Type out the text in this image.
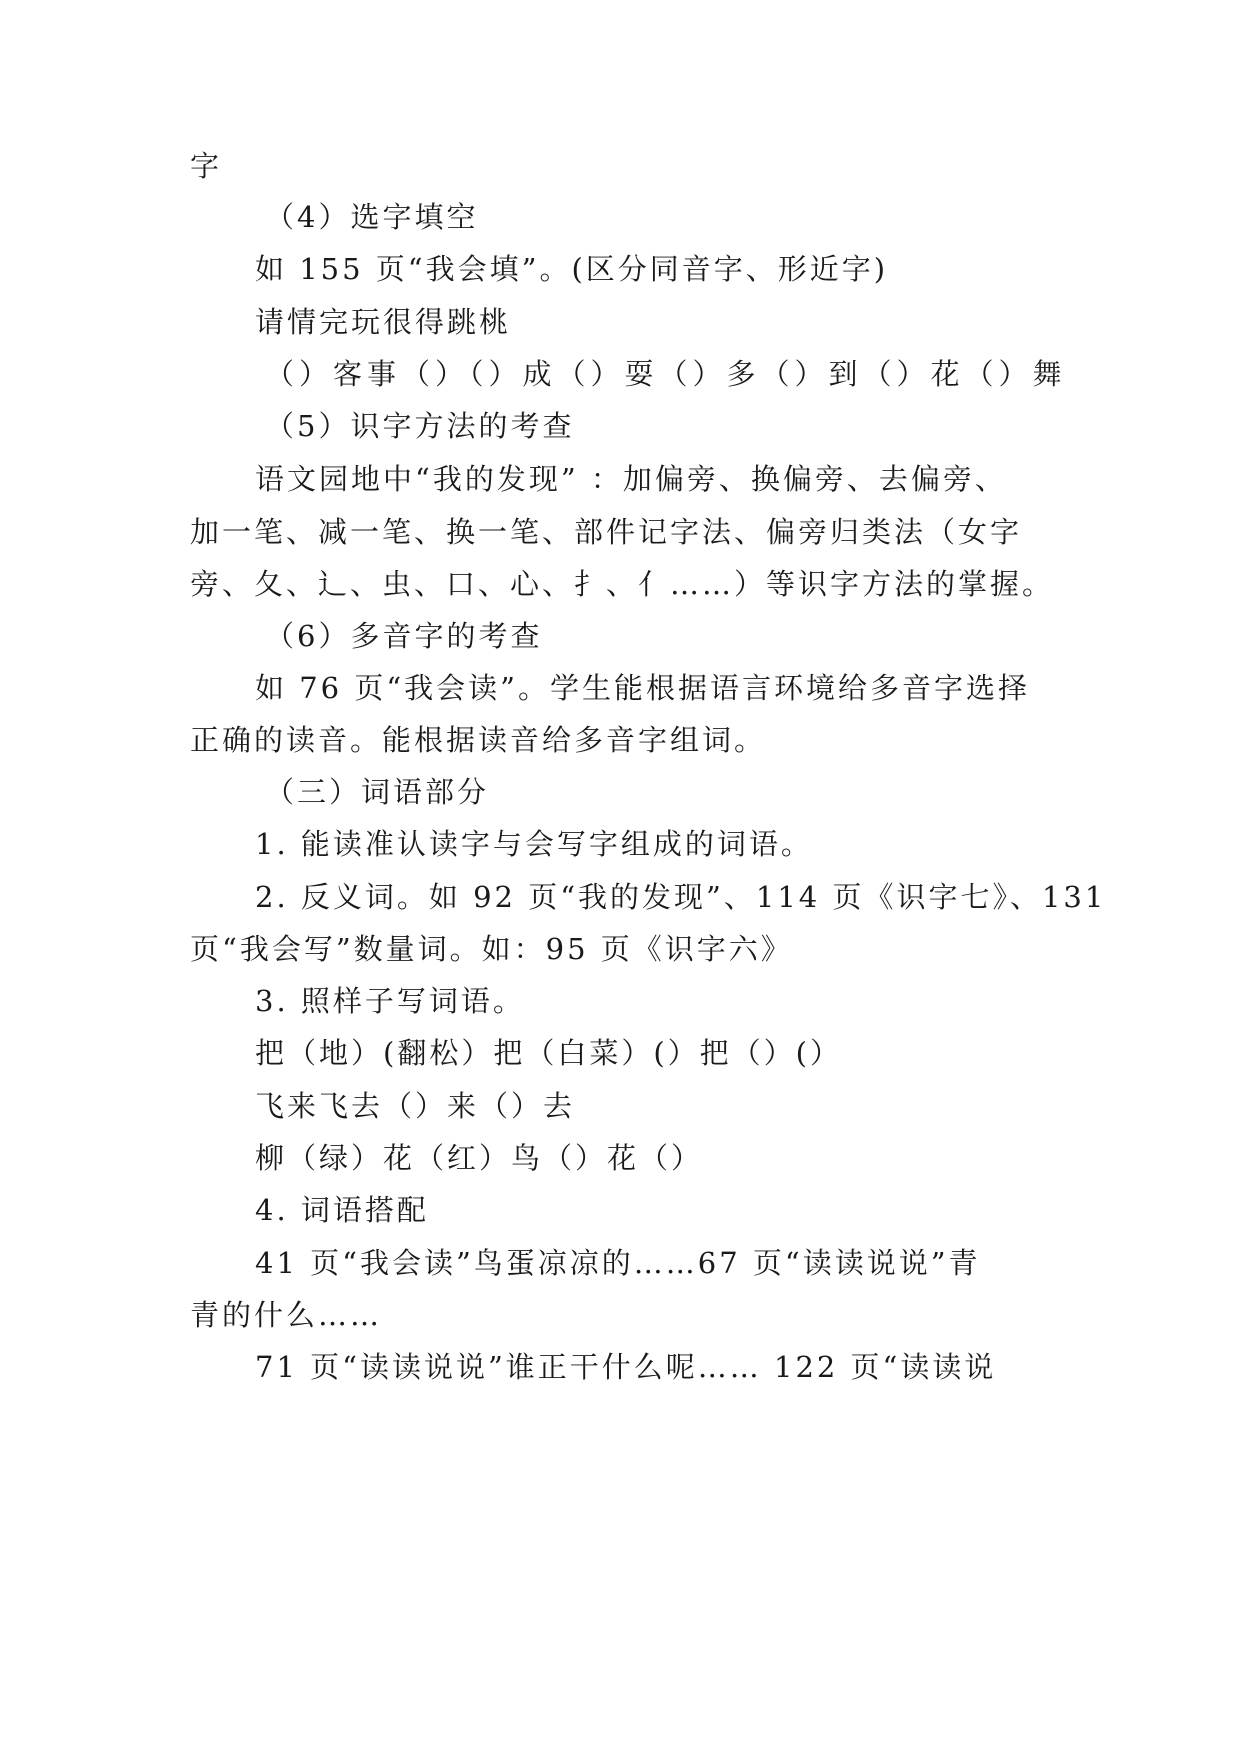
字
（4）选字填空
如 155 页“我会填”。(区分同音字、形近字)
请情完玩很得跳桃
（）客事（）（）成（）耍（）多（）到（）花（）舞
（5）识字方法的考查
语文园地中“我的发现” ：加偏旁、换偏旁、去偏旁、
加一笔、减一笔、换一笔、部件记字法、偏旁归类法（女字
旁、夂、辶、虫、口、心、扌、亻……）等识字方法的掌握。
（6）多音字的考查
如 76 页“我会读”。学生能根据语言环境给多音字选择
正确的读音。能根据读音给多音字组词。
（三）词语部分
1. 能读准认读字与会写字组成的词语。
2. 反义词。如 92 页“我的发现”、114 页《识字七》、131
页“我会写”数量词。如：95 页《识字六》
3. 照样子写词语。
把（地）(翻松）把（白菜）(）把（）(）
飞来飞去（）来（）去
柳（绿）花（红）鸟（）花（）
4. 词语搭配
41 页“我会读”鸟蛋凉凉的……67 页“读读说说”青
青的什么……
71 页“读读说说”谁正干什么呢…… 122 页“读读说
